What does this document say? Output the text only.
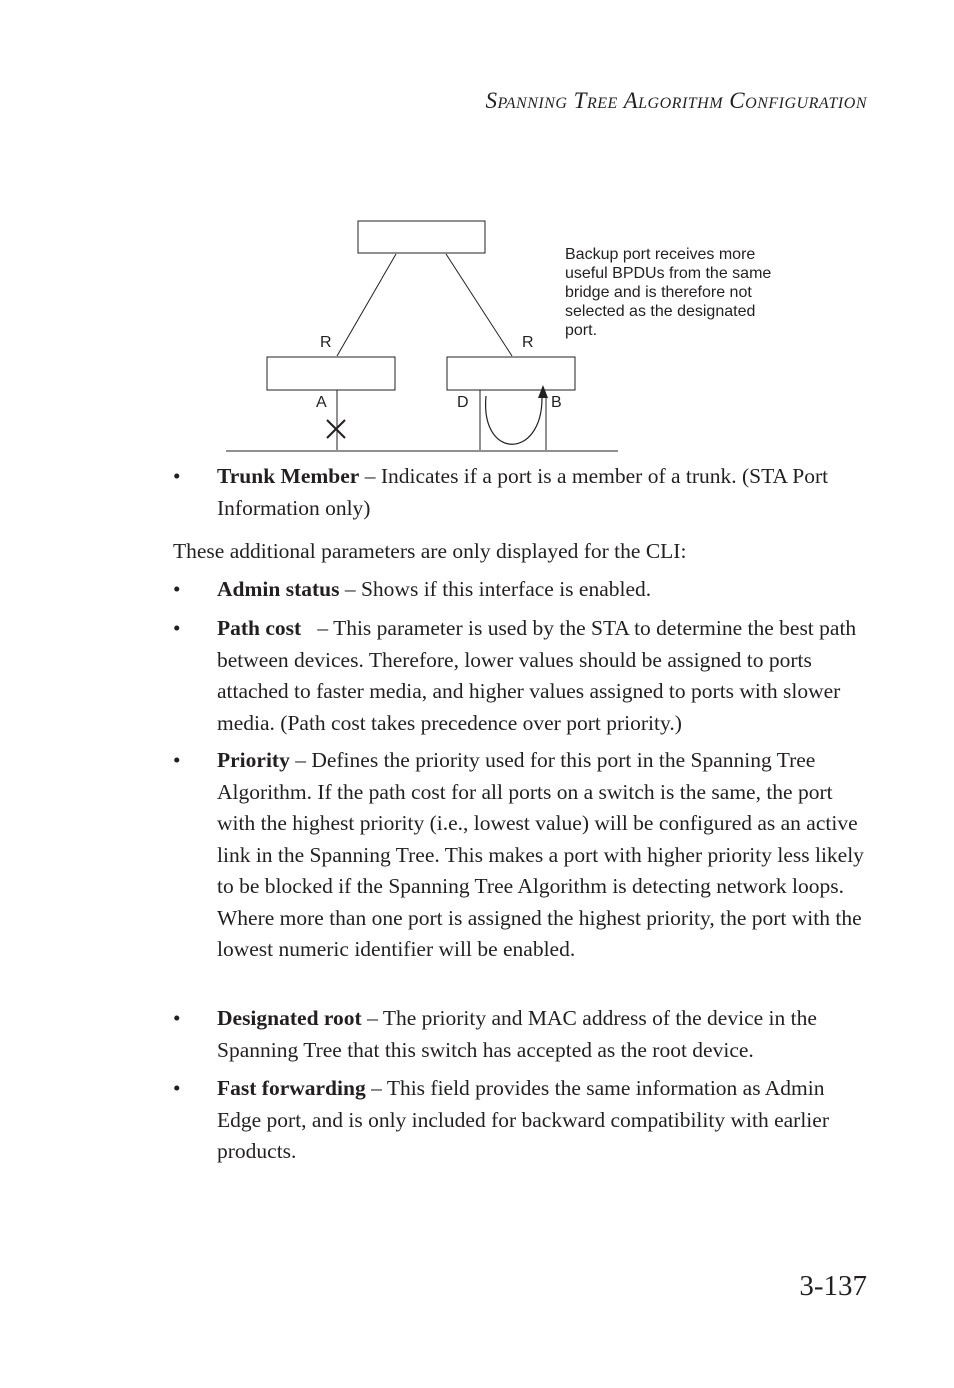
Spanning Tree Algorithm Configuration
R	R
A	D	B
Backup port receives more
useful BPDUs from the same
bridge and is therefore not
selected as the designated
port.
• Trunk Member – Indicates if a port is a member of a trunk. (STA Port Information only)
These additional parameters are only displayed for the CLI:
• Admin status – Shows if this interface is enabled.
• Path cost   – This parameter is used by the STA to determine the best path between devices. Therefore, lower values should be assigned to ports attached to faster media, and higher values assigned to ports with slower media. (Path cost takes precedence over port priority.)
• Priority – Defines the priority used for this port in the Spanning Tree Algorithm. If the path cost for all ports on a switch is the same, the port with the highest priority (i.e., lowest value) will be configured as an active link in the Spanning Tree. This makes a port with higher priority less likely to be blocked if the Spanning Tree Algorithm is detecting network loops. Where more than one port is assigned the highest priority, the port with the lowest numeric identifier will be enabled.
• Designated root – The priority and MAC address of the device in the Spanning Tree that this switch has accepted as the root device.
• Fast forwarding – This field provides the same information as Admin Edge port, and is only included for backward compatibility with earlier products.
3-137
